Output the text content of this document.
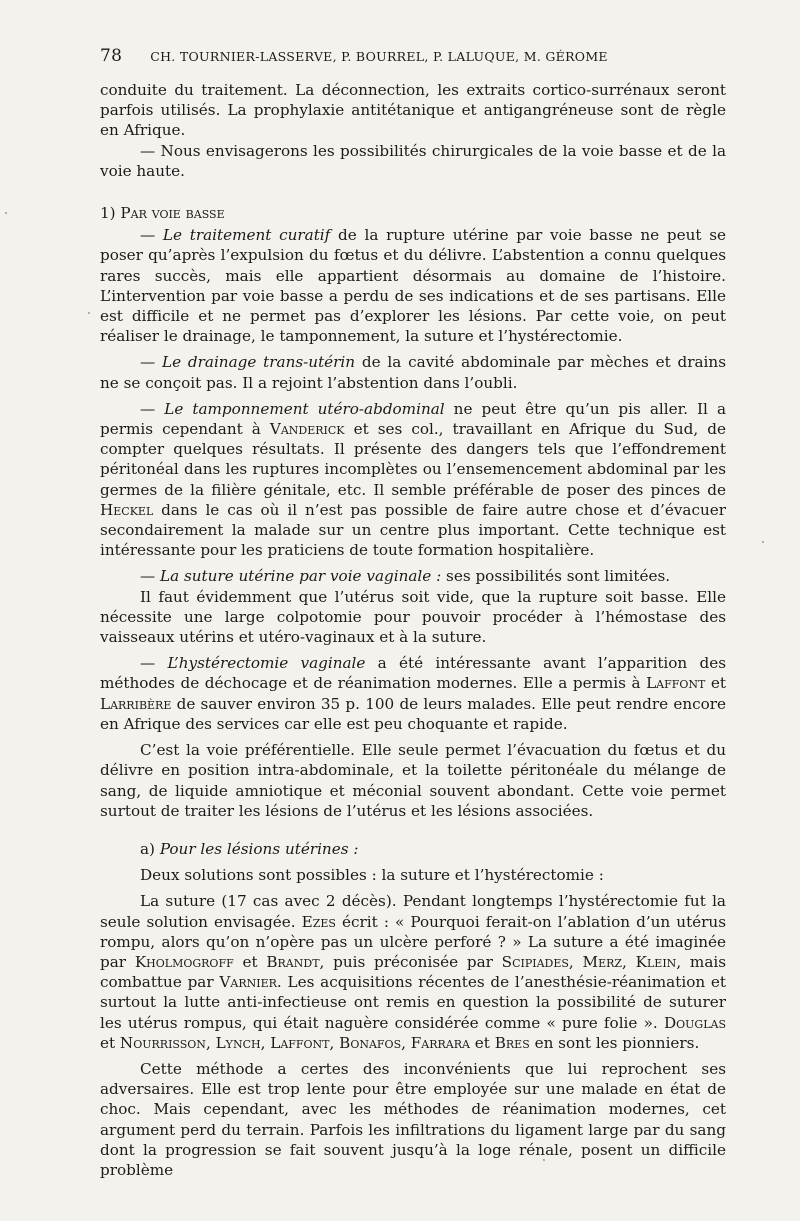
78 CH. TOURNIER-LASSERVE, P. BOURREL, P. LALUQUE, M. GÉROME

conduite du traitement. La déconnection, les extraits cortico-surrénaux seront parfois utilisés. La prophylaxie antitétanique et antigangréneuse sont de règle en Afrique.

— Nous envisagerons les possibilités chirurgicales de la voie basse et de la voie haute.

1) Par voie basse

— Le traitement curatif de la rupture utérine par voie basse ne peut se poser qu’après l’expulsion du fœtus et du délivre. L’abstention a connu quelques rares succès, mais elle appartient désormais au domaine de l’histoire. L’intervention par voie basse a perdu de ses indications et de ses partisans. Elle est difficile et ne permet pas d’explorer les lésions. Par cette voie, on peut réaliser le drainage, le tamponnement, la suture et l’hystérectomie.

— Le drainage trans-utérin de la cavité abdominale par mèches et drains ne se conçoit pas. Il a rejoint l’abstention dans l’oubli.

— Le tamponnement utéro-abdominal ne peut être qu’un pis aller. Il a permis cependant à Vanderick et ses col., travaillant en Afrique du Sud, de compter quelques résultats. Il présente des dangers tels que l’effondrement péritonéal dans les ruptures incomplètes ou l’ensemencement abdominal par les germes de la filière génitale, etc. Il semble préférable de poser des pinces de Heckel dans le cas où il n’est pas possible de faire autre chose et d’évacuer secondairement la malade sur un centre plus important. Cette technique est intéressante pour les praticiens de toute formation hospitalière.

— La suture utérine par voie vaginale : ses possibilités sont limitées.

Il faut évidemment que l’utérus soit vide, que la rupture soit basse. Elle nécessite une large colpotomie pour pouvoir procéder à l’hémostase des vaisseaux utérins et utéro-vaginaux et à la suture.

— L’hystérectomie vaginale a été intéressante avant l’apparition des méthodes de déchocage et de réanimation modernes. Elle a permis à Laffont et Larribère de sauver environ 35 p. 100 de leurs malades. Elle peut rendre encore en Afrique des services car elle est peu choquante et rapide.

C’est la voie préférentielle. Elle seule permet l’évacuation du fœtus et du délivre en position intra-abdominale, et la toilette péritonéale du mélange de sang, de liquide amniotique et méconial souvent abondant. Cette voie permet surtout de traiter les lésions de l’utérus et les lésions associées.

a) Pour les lésions utérines :

Deux solutions sont possibles : la suture et l’hystérectomie :

La suture (17 cas avec 2 décès). Pendant longtemps l’hystérectomie fut la seule solution envisagée. Ezes écrit : « Pourquoi ferait-on l’ablation d’un utérus rompu, alors qu’on n’opère pas un ulcère perforé ? » La suture a été imaginée par Kholmogroff et Brandt, puis préconisée par Scipiades, Merz, Klein, mais combattue par Varnier. Les acquisitions récentes de l’anesthésie-réanimation et surtout la lutte anti-infectieuse ont remis en question la possibilité de suturer les utérus rompus, qui était naguère considérée comme « pure folie ». Douglas et Nourrisson, Lynch, Laffont, Bonafos, Farrara et Bres en sont les pionniers.

Cette méthode a certes des inconvénients que lui reprochent ses adversaires. Elle est trop lente pour être employée sur une malade en état de choc. Mais cependant, avec les méthodes de réanimation modernes, cet argument perd du terrain. Parfois les infiltrations du ligament large par du sang dont la progression se fait souvent jusqu’à la loge rénale, posent un difficile problème
